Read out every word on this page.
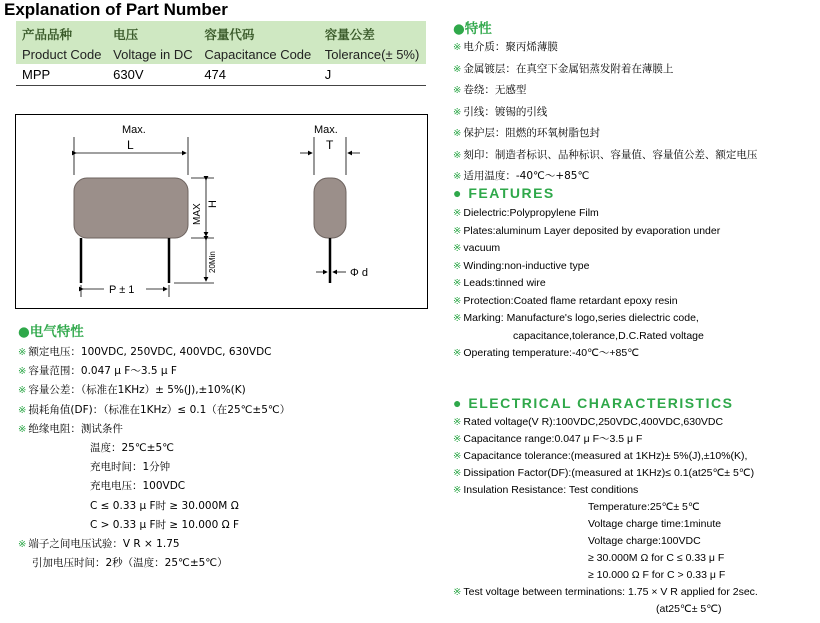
Explanation of Part Number
产品品种	电压	容量代码	容量公差
Product Code	Voltage in DC	Capacitance Code	Tolerance(± 5%)
MPP	630V	474	J
Max.
L
MAX H
20Min
P ± 1
Max.
T
Φ d
●电气特性
※ 额定电压：100VDC, 250VDC, 400VDC, 630VDC
※ 容量范围：0.047 μ F～3.5 μ F
※ 容量公差：（标准在1KHz）± 5%(J),±10%(K)
※ 损耗角值(DF)：（标准在1KHz）≤ 0.1（在25℃±5℃）
※ 绝缘电阻：测试条件
温度：25℃±5℃
充电时间：1分钟
充电电压：100VDC
C ≤ 0.33 μ F时 ≥ 30.000M Ω
C > 0.33 μ F时 ≥ 10.000 Ω F
※ 端子之间电压试验：V R × 1.75
引加电压时间：2秒（温度：25℃±5℃）
●特性
※ 电介质：聚丙烯薄膜
※ 金属镀层：在真空下金属铝蒸发附着在薄膜上
※ 卷绕：无感型
※ 引线：镀锡的引线
※ 保护层：阻燃的环氧树脂包封
※ 刻印：制造者标识、品种标识、容量值、容量值公差、额定电压
※ 适用温度：-40℃～+85℃
● FEATURES
※ Dielectric:Polypropylene Film
※ Plates:aluminum Layer deposited by evaporation under
※ vacuum
※ Winding:non-inductive type
※ Leads:tinned wire
※ Protection:Coated flame retardant epoxy resin
※ Marking: Manufacture's logo,series dielectric code,
capacitance,tolerance,D.C.Rated voltage
※ Operating temperature:-40℃～+85℃
● ELECTRICAL CHARACTERISTICS
※ Rated voltage(V R):100VDC,250VDC,400VDC,630VDC
※ Capacitance range:0.047 μ F～3.5 μ F
※ Capacitance tolerance:(measured at 1KHz)± 5%(J),±10%(K),
※ Dissipation Factor(DF):(measured at 1KHz)≤ 0.1(at25℃± 5℃)
※ Insulation Resistance: Test conditions
Temperature:25℃± 5℃
Voltage charge time:1minute
Voltage charge:100VDC
≥ 30.000M Ω for C ≤ 0.33 μ F
≥ 10.000 Ω F for C > 0.33 μ F
※ Test voltage between terminations: 1.75 × V R applied for 2sec.
(at25℃± 5℃)
